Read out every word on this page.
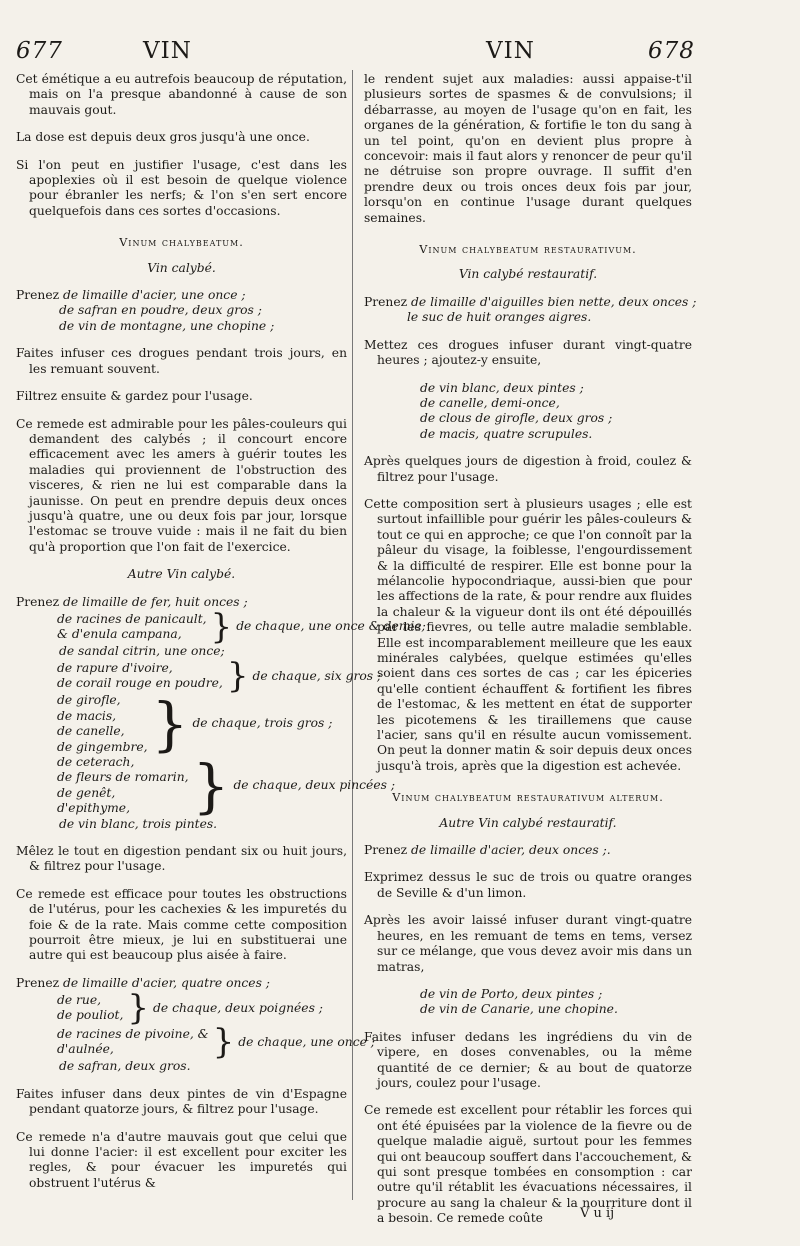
677	VIN	VIN	678

Cet émétique a eu autrefois beaucoup de réputation, mais on l'a presque abandonné à cause de son mauvais gout.

La dose est depuis deux gros jusqu'à une once.

Si l'on peut en justifier l'usage, c'est dans les apoplexies où il est besoin de quelque violence pour ébranler les nerfs; & l'on s'en sert encore quelquefois dans ces sortes d'occasions.

Vinum chalybeatum.
Vin calybé.
Prenez de limaille d'acier, une once ;
de safran en poudre, deux gros ;
de vin de montagne, une chopine ;

Faites infuser ces drogues pendant trois jours, en les remuant souvent.

Filtrez ensuite & gardez pour l'usage.

Ce remede est admirable pour les pâles-couleurs qui demandent des calybés ; il concourt encore efficacement avec les amers à guérir toutes les maladies qui proviennent de l'obstruction des visceres, & rien ne lui est comparable dans la jaunisse. On peut en prendre depuis deux onces jusqu'à quatre, une ou deux fois par jour, lorsque l'estomac se trouve vuide : mais il ne fait du bien qu'à proportion que l'on fait de l'exercice.

Autre Vin calybé.
Prenez de limaille de fer, huit onces ;
de racines de panicault,
& d'enula campana, } de chaque, une once & demie;
de sandal citrin, une once;
de rapure d'ivoire,
de corail rouge en poudre, } de chaque, six gros ;
de girofle,
de macis,
de canelle,
de gingembre, } de chaque, trois gros ;
de ceterach,
de fleurs de romarin,
de genêt,
d'epithyme,	} de chaque, deux pincées ;
de vin blanc, trois pintes.

Mêlez le tout en digestion pendant six ou huit jours, & filtrez pour l'usage.

Ce remede est efficace pour toutes les obstructions de l'utérus, pour les cachexies & les impuretés du foie & de la rate. Mais comme cette composition pourroit être mieux, je lui en substituerai une autre qui est beaucoup plus aisée à faire.

Prenez de limaille d'acier, quatre onces ;
de rue,
de pouliot, } de chaque, deux poignées ;
de racines de pivoine, &
d'aulnée,	} de chaque, une once ;
de safran, deux gros.

Faites infuser dans deux pintes de vin d'Espagne pendant quatorze jours, & filtrez pour l'usage.

Ce remede n'a d'autre mauvais gout que celui que lui donne l'acier: il est excellent pour exciter les regles, & pour évacuer les impuretés qui obstruent l'utérus &

le rendent sujet aux maladies: aussi appaise-t'il plusieurs sortes de spasmes & de convulsions; il débarrasse, au moyen de l'usage qu'on en fait, les organes de la génération, & fortifie le ton du sang à un tel point, qu'on en devient plus propre à concevoir: mais il faut alors y renoncer de peur qu'il ne détruise son propre ouvrage. Il suffit d'en prendre deux ou trois onces deux fois par jour, lorsqu'on en continue l'usage durant quelques semaines.

Vinum chalybeatum restaurativum.
Vin calybé restauratif.
Prenez de limaille d'aiguilles bien nette, deux onces ;
le suc de huit oranges aigres.

Mettez ces drogues infuser durant vingt-quatre heures ; ajoutez-y ensuite,

de vin blanc, deux pintes ;
de canelle, demi-once,
de clous de girofle, deux gros ;
de macis, quatre scrupules.

Après quelques jours de digestion à froid, coulez & filtrez pour l'usage.

Cette composition sert à plusieurs usages ; elle est surtout infaillible pour guérir les pâles-couleurs & tout ce qui en approche; ce que l'on connoît par la pâleur du visage, la foiblesse, l'engourdissement & la difficulté de respirer. Elle est bonne pour la mélancolie hypocondriaque, aussi-bien que pour les affections de la rate, & pour rendre aux fluides la chaleur & la vigueur dont ils ont été dépouillés par les fievres, ou telle autre maladie semblable. Elle est incomparablement meilleure que les eaux minérales calybées, quelque estimées qu'elles soient dans ces sortes de cas ; car les épiceries qu'elle contient échauffent & fortifient les fibres de l'estomac, & les mettent en état de supporter les picotemens & les tiraillemens que cause l'acier, sans qu'il en résulte aucun vomissement. On peut la donner matin & soir depuis deux onces jusqu'à trois, après que la digestion est achevée.

Vinum chalybeatum restaurativum alterum.
Autre Vin calybé restauratif.
Prenez de limaille d'acier, deux onces ;.

Exprimez dessus le suc de trois ou quatre oranges de Seville & d'un limon.

Après les avoir laissé infuser durant vingt-quatre heures, en les remuant de tems en tems, versez sur ce mélange, que vous devez avoir mis dans un matras,

de vin de Porto, deux pintes ;
de vin de Canarie, une chopine.

Faites infuser dedans les ingrédiens du vin de vipere, en doses convenables, ou la même quantité de ce dernier; & au bout de quatorze jours, coulez pour l'usage.

Ce remede est excellent pour rétablir les forces qui ont été épuisées par la violence de la fievre ou de quelque maladie aiguë, surtout pour les femmes qui ont beaucoup souffert dans l'accouchement, & qui sont presque tombées en consomption : car outre qu'il rétablit les évacuations nécessaires, il procure au sang la chaleur & la nourriture dont il a besoin. Ce remede coûte	V u ij
